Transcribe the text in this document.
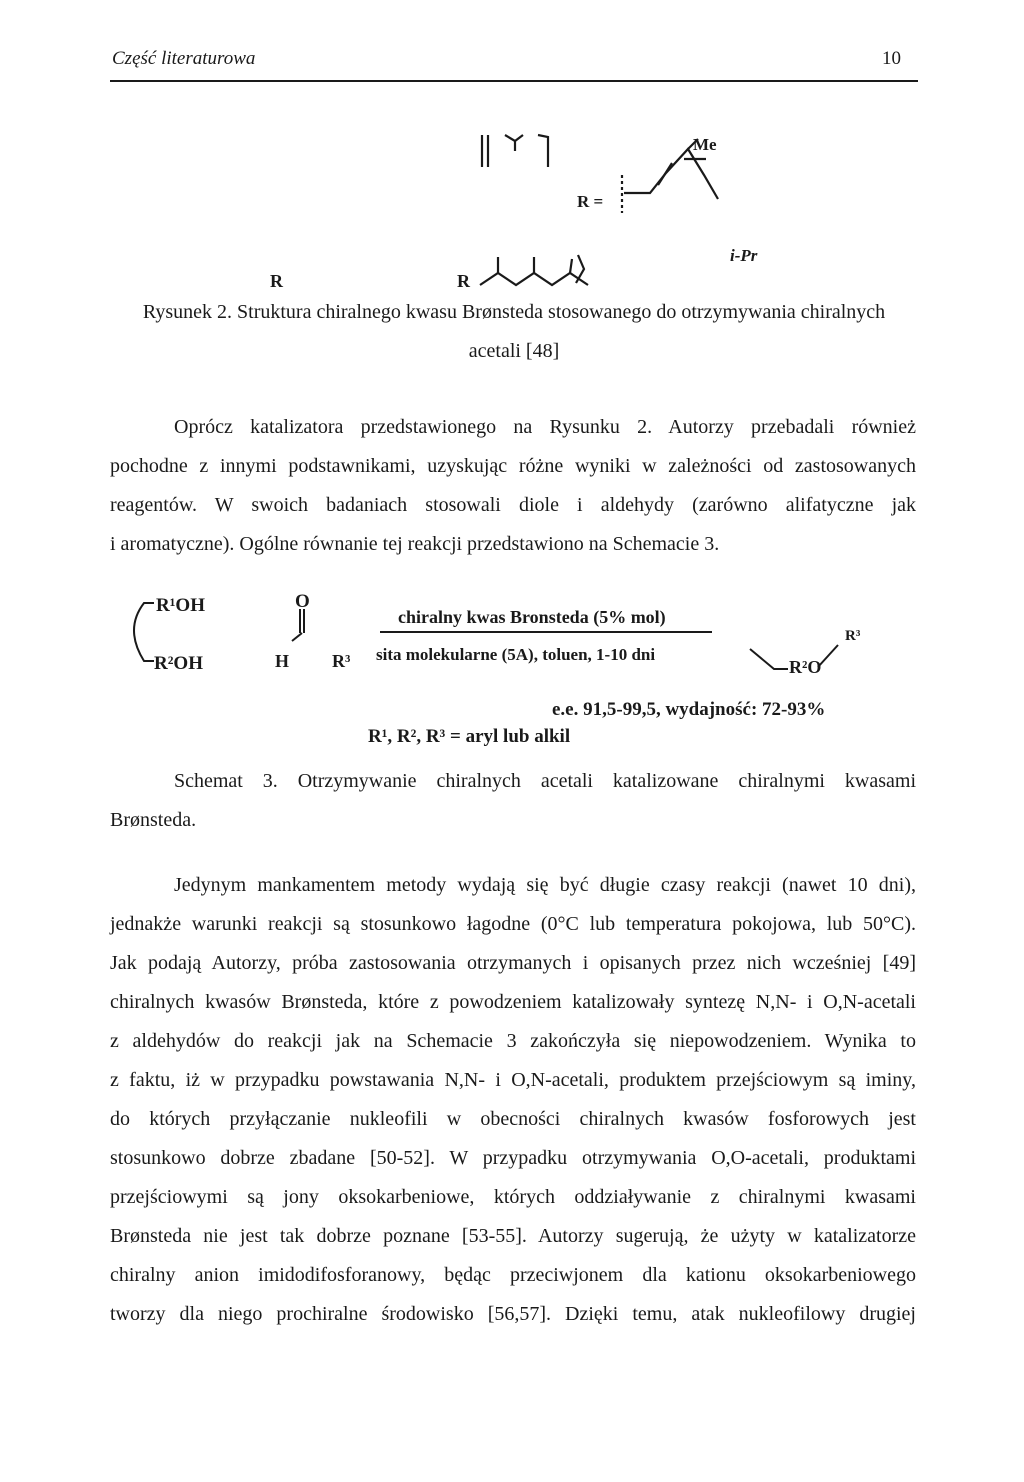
Część literaturowa	10
R	R
R =
Me
i-Pr
Rysunek 2. Struktura chiralnego kwasu Brønsteda stosowanego do otrzymywania chiralnych
acetali [48]
Oprócz katalizatora przedstawionego na Rysunku 2. Autorzy przebadali również
pochodne z innymi podstawnikami, uzyskując różne wyniki w zależności od zastosowanych
reagentów. W swoich badaniach stosowali diole i aldehydy (zarówno alifatyczne jak
i aromatyczne). Ogólne równanie tej reakcji przedstawiono na Schemacie 3.
R¹OH
R²OH
O
H R³
chiralny kwas Bronsteda (5% mol)
sita molekularne (5A), toluen, 1-10 dni
R²O
R³
e.e. 91,5-99,5, wydajność: 72-93%
R¹, R², R³ = aryl lub alkil
Schemat 3. Otrzymywanie chiralnych acetali katalizowane chiralnymi kwasami
Brønsteda.
Jedynym mankamentem metody wydają się być długie czasy reakcji (nawet 10 dni),
jednakże warunki reakcji są stosunkowo łagodne (0°C lub temperatura pokojowa, lub 50°C).
Jak podają Autorzy, próba zastosowania otrzymanych i opisanych przez nich wcześniej [49]
chiralnych kwasów Brønsteda, które z powodzeniem katalizowały syntezę N,N- i O,N-acetali
z aldehydów do reakcji jak na Schemacie 3 zakończyła się niepowodzeniem. Wynika to
z faktu, iż w przypadku powstawania N,N- i O,N-acetali, produktem przejściowym są iminy,
do których przyłączanie nukleofili w obecności chiralnych kwasów fosforowych jest
stosunkowo dobrze zbadane [50-52]. W przypadku otrzymywania O,O-acetali, produktami
przejściowymi są jony oksokarbeniowe, których oddziaływanie z chiralnymi kwasami
Brønsteda nie jest tak dobrze poznane [53-55]. Autorzy sugerują, że użyty w katalizatorze
chiralny anion imidodifosforanowy, będąc przeciwjonem dla kationu oksokarbeniowego
tworzy dla niego prochiralne środowisko [56,57]. Dzięki temu, atak nukleofilowy drugiej
